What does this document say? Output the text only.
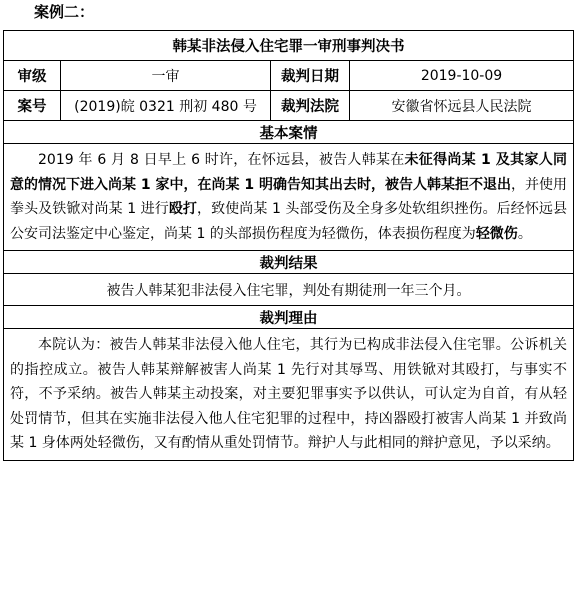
案例二：
韩某非法侵入住宅罪一审刑事判决书			
审级	一审	裁判日期	2019-10-09
案号	(2019)皖 0321 刑初 480 号	裁判法院	安徽省怀远县人民法院
基本案情			

2019 年 6 月 8 日早上 6 时许，在怀远县，被告人韩某在未征得尚某 1 及其家人同意的情况下进入尚某 1 家中，在尚某 1 明确告知其出去时，被告人韩某拒不退出，并使用拳头及铁锨对尚某 1 进行殴打，致使尚某 1 头部受伤及全身多处软组织挫伤。后经怀远县公安司法鉴定中心鉴定，尚某 1 的头部损伤程度为轻微伤，体表损伤程度为轻微伤。			

裁判结果			
被告人韩某犯非法侵入住宅罪，判处有期徒刑一年三个月。			
裁判理由			

本院认为：被告人韩某非法侵入他人住宅，其行为已构成非法侵入住宅罪。公诉机关的指控成立。被告人韩某辩解被害人尚某 1 先行对其辱骂、用铁锨对其殴打，与事实不符，不予采纳。被告人韩某主动投案，对主要犯罪事实予以供认，可认定为自首，有从轻处罚情节，但其在实施非法侵入他人住宅犯罪的过程中，持凶器殴打被害人尚某 1 并致尚某 1 身体两处轻微伤，又有酌情从重处罚情节。辩护人与此相同的辩护意见，予以采纳。			
